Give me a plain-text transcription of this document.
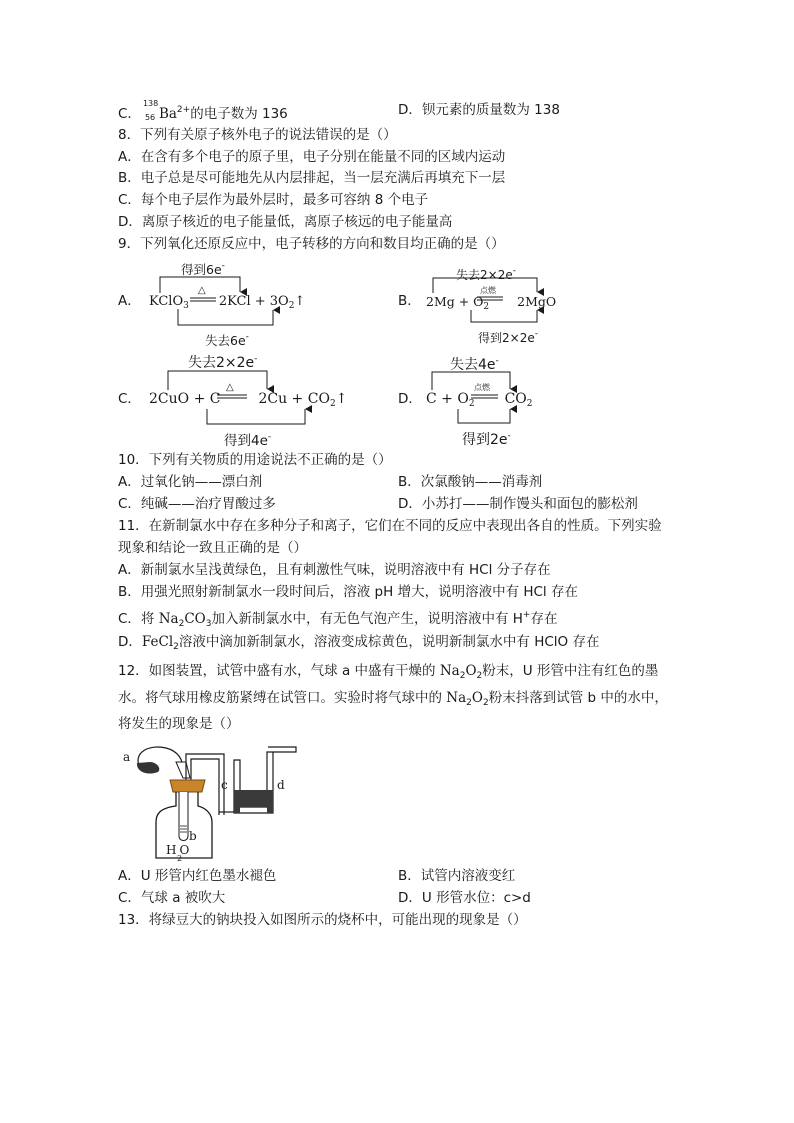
C．
138
56 $Ba^{2+}$的电子数为 136	D．钡元素的质量数为 138
8．下列有关原子核外电子的说法错误的是（）
A．在含有多个电子的原子里，电子分别在能量不同的区域内运动
B．电子总是尽可能地先从内层排起，当一层充满后再填充下一层
C．每个电子层作为最外层时，最多可容纳 8 个电子
D．离原子核近的电子能量低，离原子核远的电子能量高
9．下列氧化还原反应中，电子转移的方向和数目均正确的是（）
A．
得到6e-
KClO$_3$ $2KCl + 3O_2↑$
△
失去6e-
B．
失去2×2e-
$2Mg + O_2$ 2MgO
点燃
得到2×2e-
C．
失去2×2e-
2CuO + C	$2Cu + CO_2↑$
△
得到4e-
D．
失去4e-
$C + O_2$ $CO_2$
点燃
得到2e-
10．下列有关物质的用途说法不正确的是（）
A．过氧化钠——漂白剂	B．次氯酸钠——消毒剂
C．纯碱——治疗胃酸过多	D．小苏打——制作馒头和面包的膨松剂
11．在新制氯水中存在多种分子和离子，它们在不同的反应中表现出各自的性质。下列实验
现象和结论一致且正确的是（）
A．新制氯水呈浅黄绿色，且有刺激性气味，说明溶液中有 HCl 分子存在
B．用强光照射新制氯水一段时间后，溶液 pH 增大，说明溶液中有 HCl 存在
C．将 $Na_2CO_3$加入新制氯水中，有无色气泡产生，说明溶液中有 H+存在
D．FeCl$_2$溶液中滴加新制氯水，溶液变成棕黄色，说明新制氯水中有 HClO 存在
12．如图装置，试管中盛有水，气球 a 中盛有干燥的 $Na_2O_2$粉末，U 形管中注有红色的墨
水。将气球用橡皮筋紧缚在试管口。实验时将气球中的 $Na_2O_2$粉末抖落到试管 b 中的水中，
将发生的现象是（）
a
c	d
b
H O
2
A．U 形管内红色墨水褪色	B．试管内溶液变红
C．气球 a 被吹大	D．U 形管水位：c>d
13．将绿豆大的钠块投入如图所示的烧杯中，可能出现的现象是（）
